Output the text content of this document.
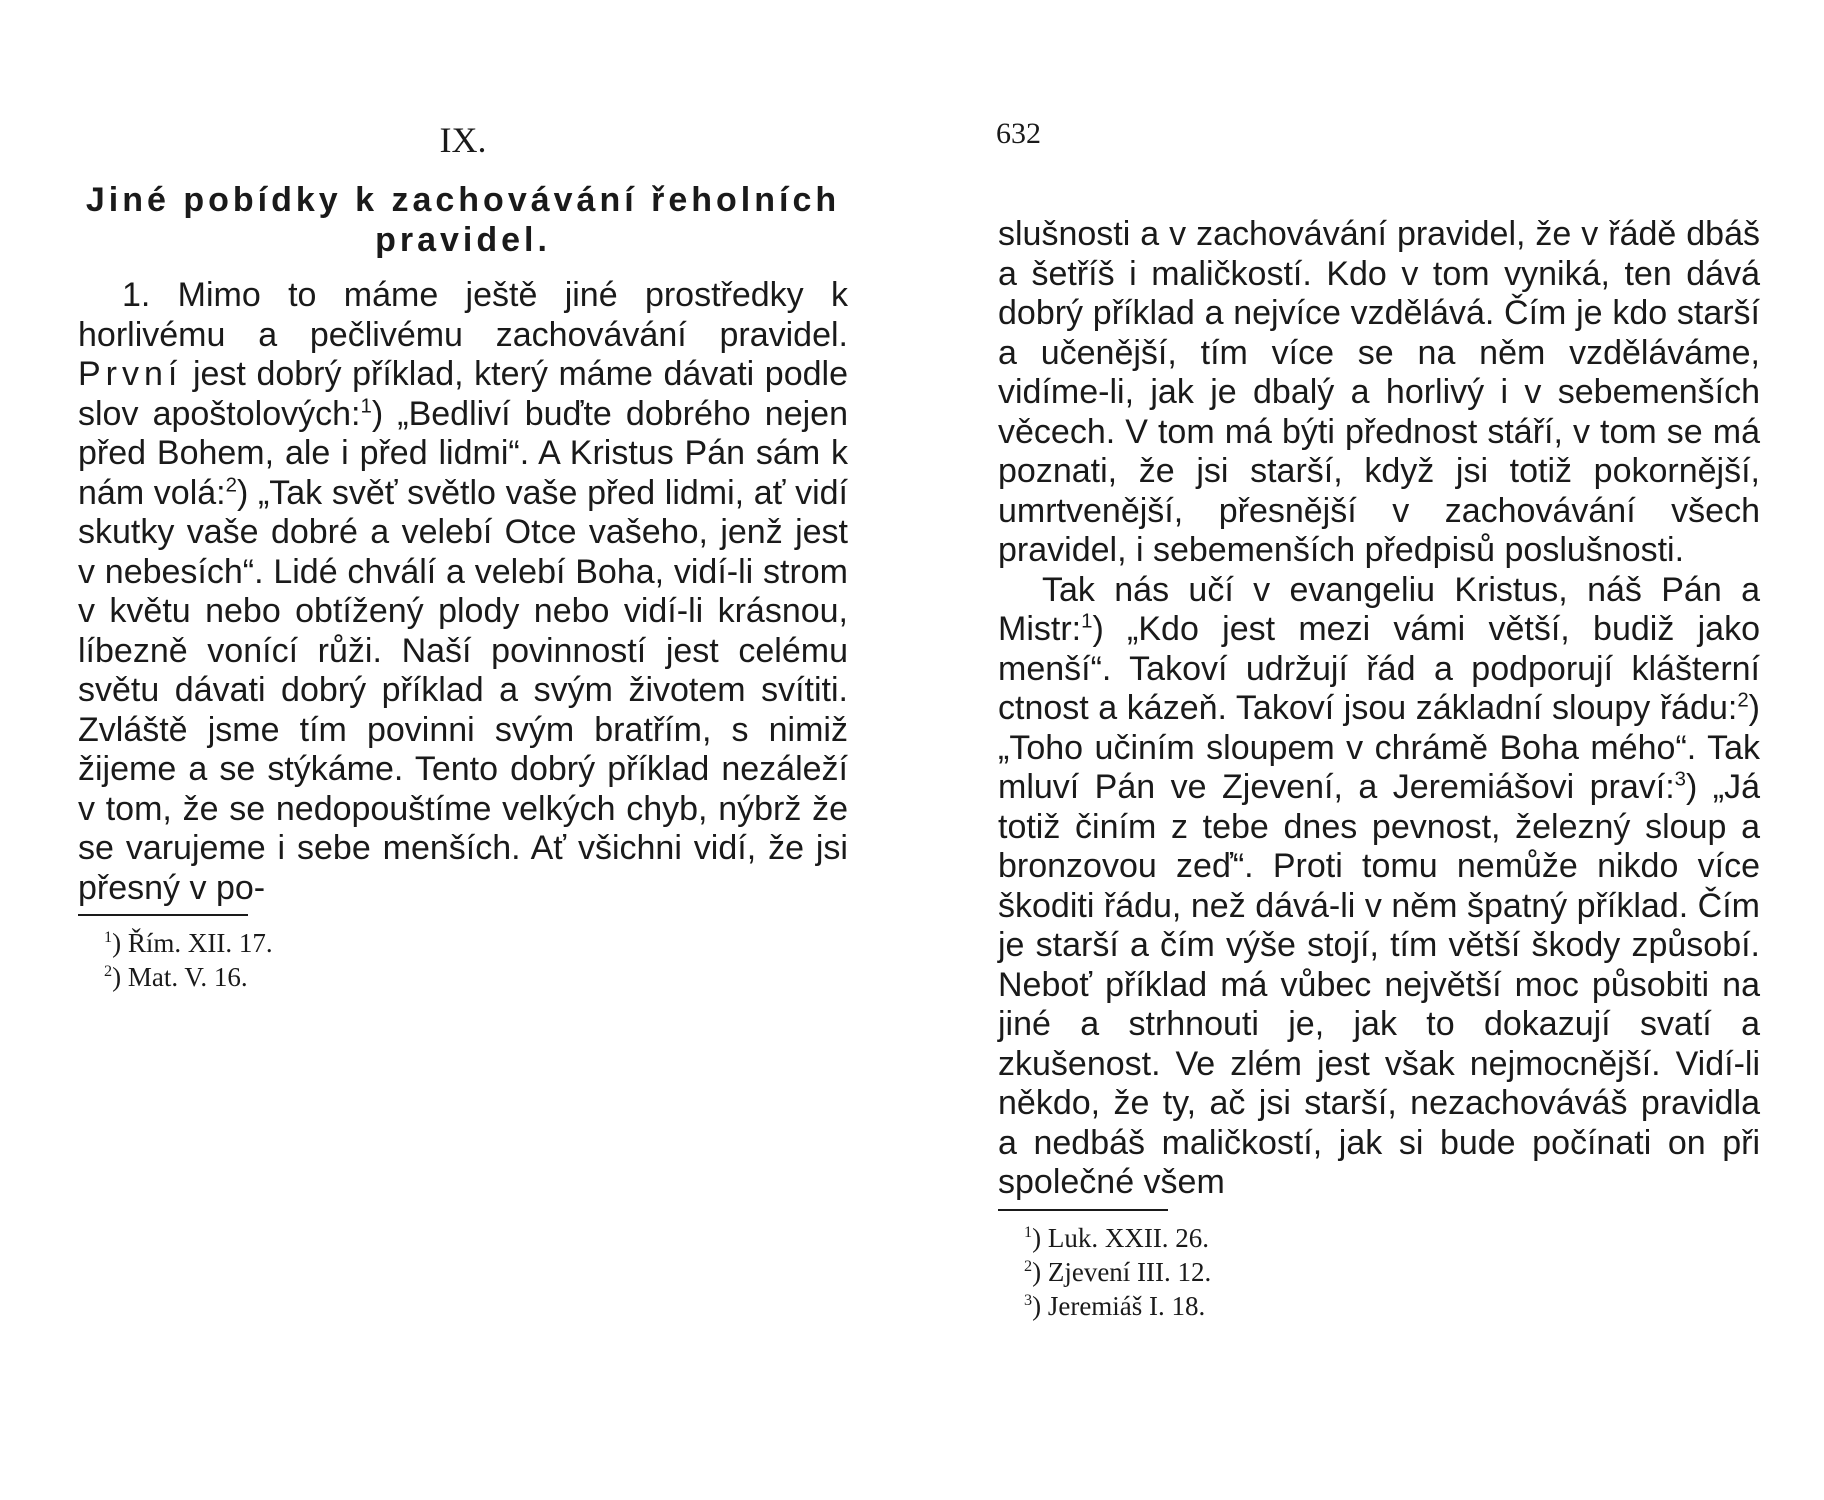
IX.
Jiné pobídky k zachovávání řeholních
pravidel.

1. Mimo to máme ještě jiné prostředky k horlivému a pečlivému zachovávání pravidel. První jest dobrý příklad, který máme dávati podle slov apoštolových:$^1$) „Bedliví buďte dobrého nejen před Bohem, ale i před lidmi“. A Kristus Pán sám k nám volá:$^2$) „Tak svěť světlo vaše před lidmi, ať vidí skutky vaše dobré a velebí Otce vašeho, jenž jest v nebesích“. Lidé chválí a velebí Boha, vidí-li strom v květu nebo obtížený plody nebo vidí-li krásnou, líbezně vonící růži. Naší povinností jest celému světu dávati dobrý příklad a svým životem svítiti. Zvláště jsme tím povinni svým bratřím, s nimiž žijeme a se stýkáme. Tento dobrý příklad nezáleží v tom, že se nedopouštíme velkých chyb, nýbrž že se varujeme i sebe menších. Ať všichni vidí, že jsi přesný v po-

$^1$) Řím. XII. 17.
$^2$) Mat. V. 16.
632

slušnosti a v zachovávání pravidel, že v řádě dbáš a šetříš i maličkostí. Kdo v tom vyniká, ten dává dobrý příklad a nejvíce vzdělává. Čím je kdo starší a učenější, tím více se na něm vzděláváme, vidíme-li, jak je dbalý a horlivý i v sebemenších věcech. V tom má býti přednost stáří, v tom se má poznati, že jsi starší, když jsi totiž pokornější, umrtvenější, přesnější v zachovávání všech pravidel, i sebemenších předpisů poslušnosti.

Tak nás učí v evangeliu Kristus, náš Pán a Mistr:$^1$) „Kdo jest mezi vámi větší, budiž jako menší“. Takoví udržují řád a podporují klášterní ctnost a kázeň. Takoví jsou základní sloupy řádu:$^2$) „Toho učiním sloupem v chrámě Boha mého“. Tak mluví Pán ve Zjevení, a Jeremiášovi praví:$^3$) „Já totiž činím z tebe dnes pevnost, železný sloup a bronzovou zeď“. Proti tomu nemůže nikdo více škoditi řádu, než dává-li v něm špatný příklad. Čím je starší a čím výše stojí, tím větší škody způsobí. Neboť příklad má vůbec největší moc působiti na jiné a strhnouti je, jak to dokazují svatí a zkušenost. Ve zlém jest však nejmocnější. Vidí-li někdo, že ty, ač jsi starší, nezachováváš pravidla a nedbáš maličkostí, jak si bude počínati on při společné všem

$^1$) Luk. XXII. 26.
$^2$) Zjevení III. 12.
$^3$) Jeremiáš I. 18.
